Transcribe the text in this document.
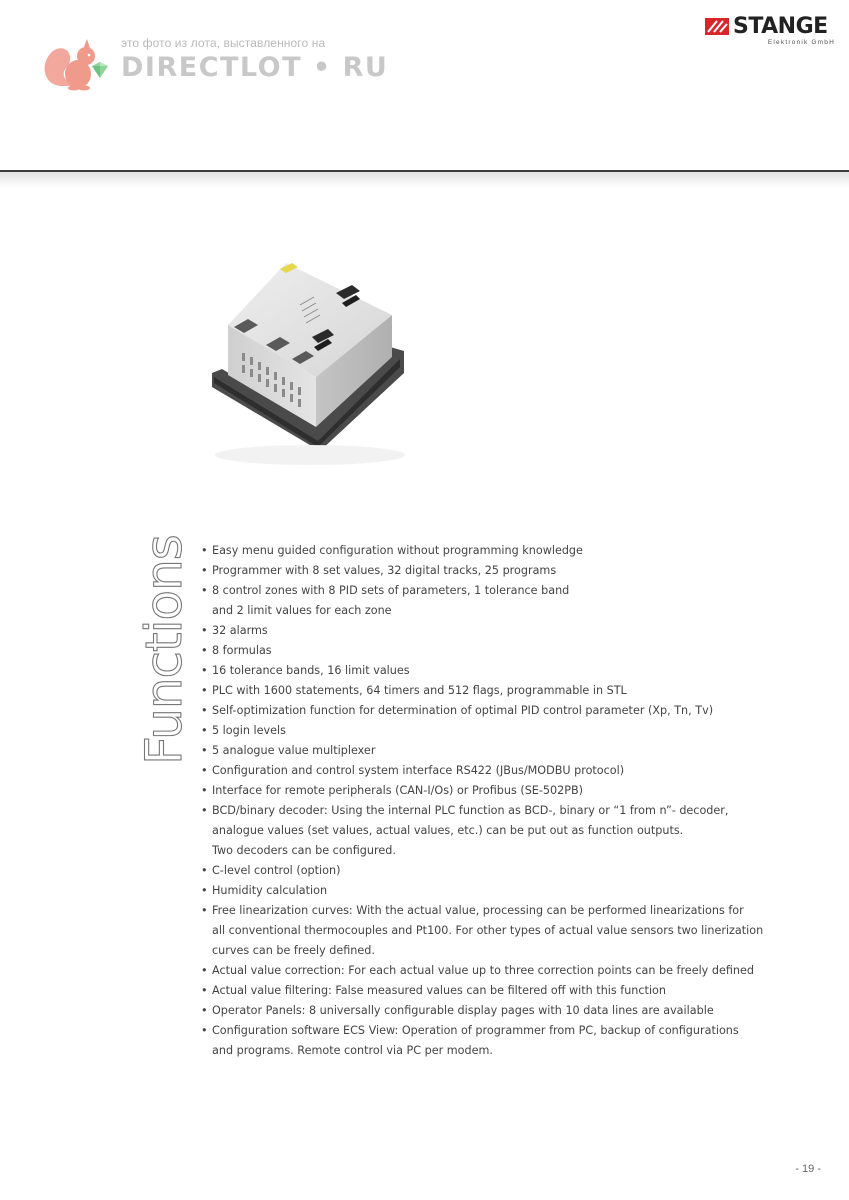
это фото из лота, выставленного на
DIRECTLOT • RU
STANGE
Elektronik GmbH
Functions • Easy menu guided configuration without programming knowledge
• Programmer with 8 set values, 32 digital tracks, 25 programs
• 8 control zones with 8 PID sets of parameters, 1 tolerance band
and 2 limit values for each zone
• 32 alarms
• 8 formulas
• 16 tolerance bands, 16 limit values
• PLC with 1600 statements, 64 timers and 512 flags, programmable in STL
• Self-optimization function for determination of optimal PID control parameter (Xp, Tn, Tv)
• 5 login levels
• 5 analogue value multiplexer
• Configuration and control system interface RS422 (JBus/MODBU protocol)
• Interface for remote peripherals (CAN-I/Os) or Profibus (SE-502PB)
• BCD/binary decoder: Using the internal PLC function as BCD-, binary or “1 from n”- decoder,
analogue values (set values, actual values, etc.) can be put out as function outputs.
Two decoders can be configured.
• C-level control (option)
• Humidity calculation
• Free linearization curves: With the actual value, processing can be performed linearizations for
all conventional thermocouples and Pt100. For other types of actual value sensors two linerization
curves can be freely defined.
• Actual value correction: For each actual value up to three correction points can be freely defined
• Actual value filtering: False measured values can be filtered off with this function
• Operator Panels: 8 universally configurable display pages with 10 data lines are available
• Configuration software ECS View: Operation of programmer from PC, backup of configurations
and programs. Remote control via PC per modem.
- 19 -
